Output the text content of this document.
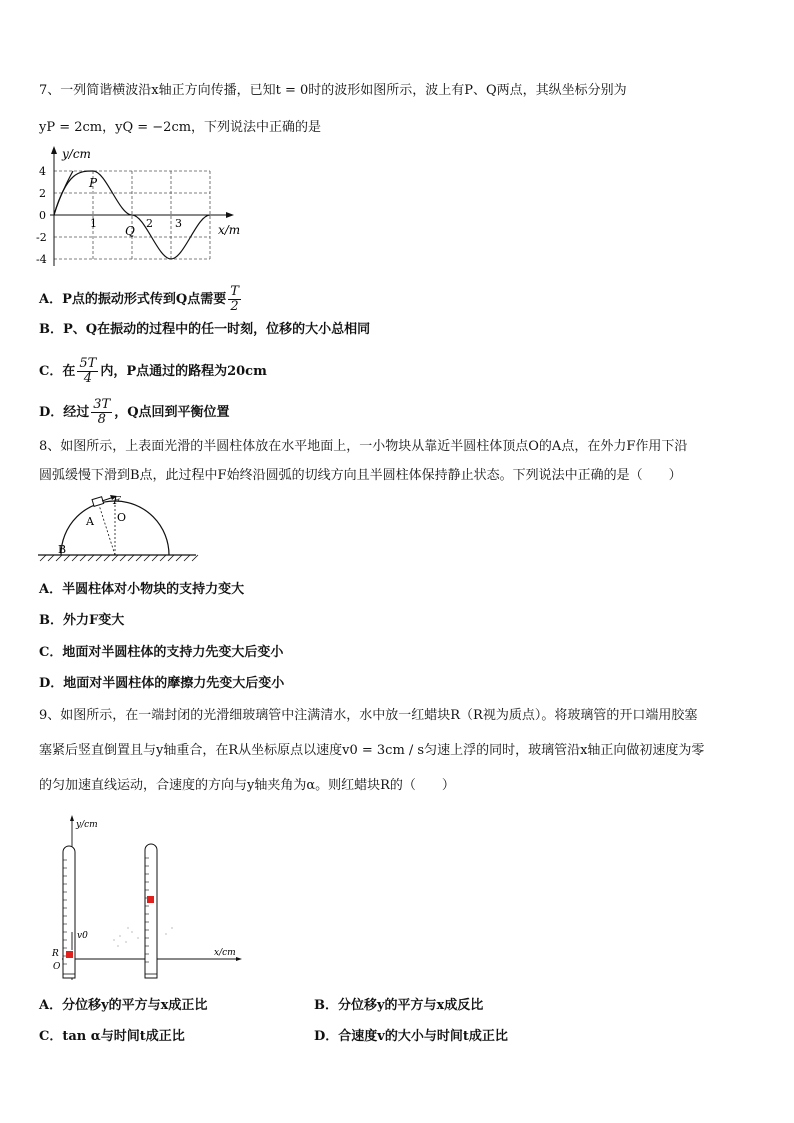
7、一列简谐横波沿x轴正方向传播，已知t = 0时的波形如图所示，波上有P、Q两点，其纵坐标分别为
yP = 2cm，yQ = −2cm，下列说法中正确的是
y/cm
x/m
4
2
0
-2
-4
1	2 3
P
Q
A．P点的振动形式传到Q点需要 $\frac{T}{2}$
B．P、Q在振动的过程中的任一时刻，位移的大小总相同
C．在 $\frac{5T}{4}$ 内，P点通过的路程为20cm
D．经过 $\frac{3T}{8}$ ，Q点回到平衡位置
8、如图所示，上表面光滑的半圆柱体放在水平地面上，一小物块从靠近半圆柱体顶点O的A点，在外力F作用下沿
圆弧缓慢下滑到B点，此过程中F始终沿圆弧的切线方向且半圆柱体保持静止状态。下列说法中正确的是（　　）
F
A O
B
A．半圆柱体对小物块的支持力变大
B．外力F变大
C．地面对半圆柱体的支持力先变大后变小
D．地面对半圆柱体的摩擦力先变大后变小
9、如图所示，在一端封闭的光滑细玻璃管中注满清水，水中放一红蜡块R（R视为质点）。将玻璃管的开口端用胶塞
塞紧后竖直倒置且与y轴重合，在R从坐标原点以速度v0 = 3cm / s匀速上浮的同时，玻璃管沿x轴正向做初速度为零
的匀加速直线运动，合速度的方向与y轴夹角为α。则红蜡块R的（　　）
y/cm
x/cm
v0
R
O
A．分位移y的平方与x成正比	B．分位移y的平方与x成反比
C．tan α与时间t成正比	D．合速度v的大小与时间t成正比
